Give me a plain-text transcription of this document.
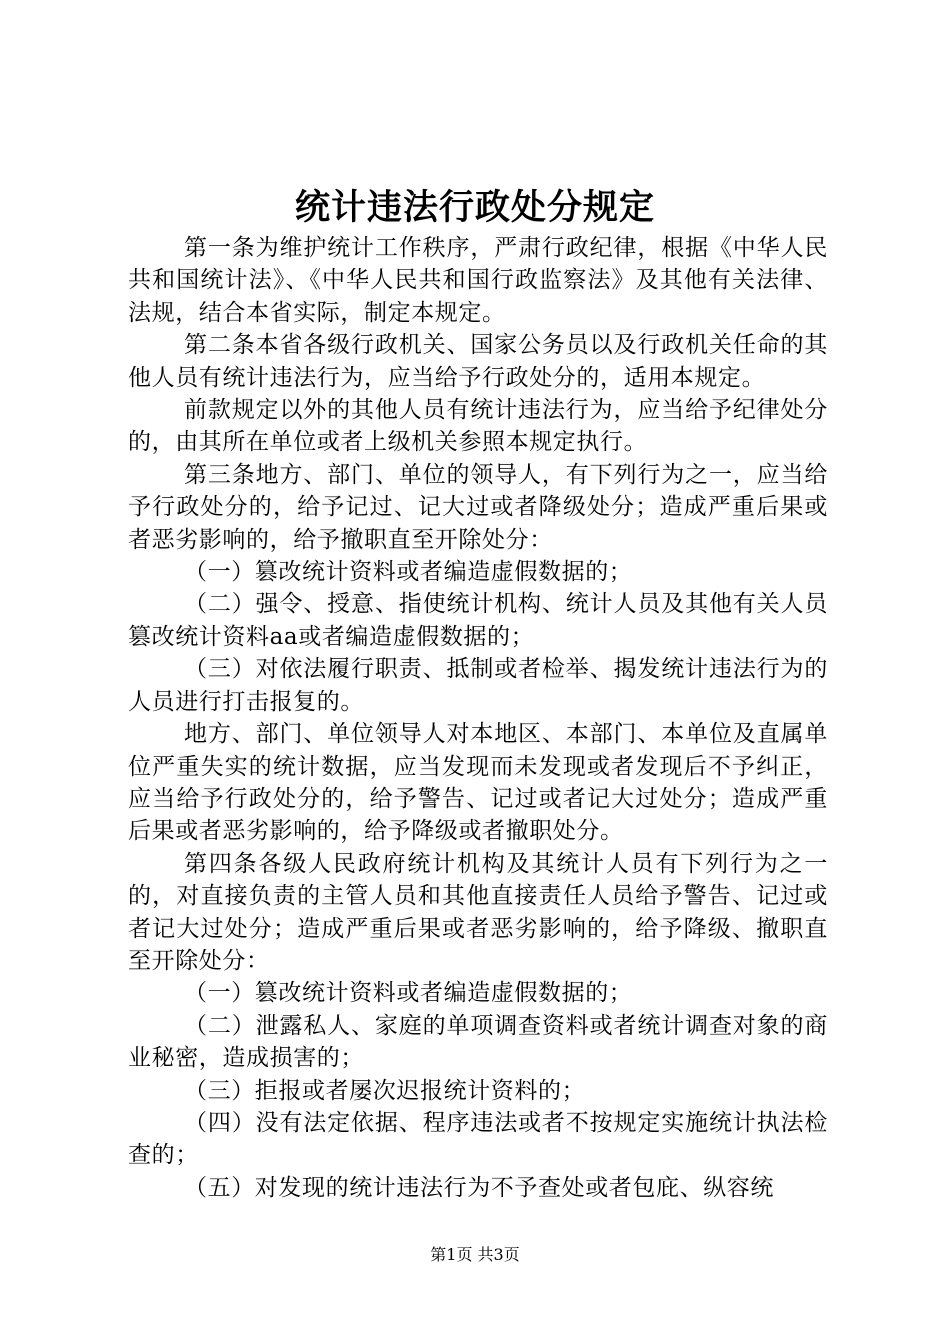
统计违法行政处分规定

第一条为维护统计工作秩序，严肃行政纪律，根据《中华人民共和国统计法》、《中华人民共和国行政监察法》及其他有关法律、法规，结合本省实际，制定本规定。

第二条本省各级行政机关、国家公务员以及行政机关任命的其他人员有统计违法行为，应当给予行政处分的，适用本规定。

前款规定以外的其他人员有统计违法行为，应当给予纪律处分的，由其所在单位或者上级机关参照本规定执行。

第三条地方、部门、单位的领导人，有下列行为之一，应当给予行政处分的，给予记过、记大过或者降级处分；造成严重后果或者恶劣影响的，给予撤职直至开除处分：

（一）篡改统计资料或者编造虚假数据的；

（二）强令、授意、指使统计机构、统计人员及其他有关人员篡改统计资料aa或者编造虚假数据的；

（三）对依法履行职责、抵制或者检举、揭发统计违法行为的人员进行打击报复的。

地方、部门、单位领导人对本地区、本部门、本单位及直属单位严重失实的统计数据，应当发现而未发现或者发现后不予纠正，应当给予行政处分的，给予警告、记过或者记大过处分；造成严重后果或者恶劣影响的，给予降级或者撤职处分。

第四条各级人民政府统计机构及其统计人员有下列行为之一的，对直接负责的主管人员和其他直接责任人员给予警告、记过或者记大过处分；造成严重后果或者恶劣影响的，给予降级、撤职直至开除处分：

（一）篡改统计资料或者编造虚假数据的；

（二）泄露私人、家庭的单项调查资料或者统计调查对象的商业秘密，造成损害的；

（三）拒报或者屡次迟报统计资料的；

（四）没有法定依据、程序违法或者不按规定实施统计执法检查的；

（五）对发现的统计违法行为不予查处或者包庇、纵容统

第1页 共3页
